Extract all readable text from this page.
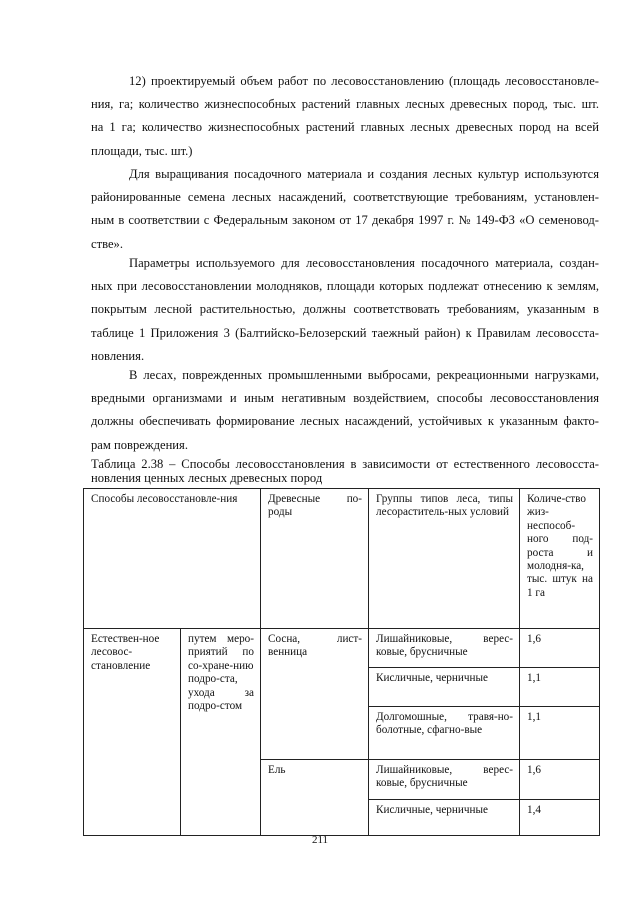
12) проектируемый объем работ по лесовосстановлению (площадь лесовосстановле-
ния, га; количество жизнеспособных растений главных лесных древесных пород, тыс. шт.
на 1 га; количество жизнеспособных растений главных лесных древесных пород на всей
площади, тыс. шт.)
Для выращивания посадочного материала и создания лесных культур используются
районированные семена лесных насаждений, соответствующие требованиям, установлен-
ным в соответствии с Федеральным законом от 17 декабря 1997 г. № 149-ФЗ «О семеновод-
стве».
Параметры используемого для лесовосстановления посадочного материала, создан-
ных при лесовосстановлении молодняков, площади которых подлежат отнесению к землям,
покрытым лесной растительностью, должны соответствовать требованиям, указанным в
таблице 1 Приложения 3 (Балтийско-Белозерский таежный район) к Правилам лесовосста-
новления.
В лесах, поврежденных промышленными выбросами, рекреационными нагрузками,
вредными организмами и иным негативным воздействием, способы лесовосстановления
должны обеспечивать формирование лесных насаждений, устойчивых к указанным факто-
рам повреждения.
Таблица 2.38 – Способы лесовосстановления в зависимости от естественного лесовосста-
новления ценных лесных древесных пород
Способы лесовосстановле-ния		Древесные по-роды	Группы типов леса, типы лесораститель-ных условий	Количе-ство жиз-неспособ-ного под-роста и молодня-ка, тыс. штук на 1 га
Естествен-ное лесовос-становление	путем меро-приятий по со-хране-нию подро-ста, ухода за подро-стом	Сосна, лист-венница	Лишайниковые, верес-ковые, брусничные	1,6
			Кисличные, черничные	1,1
			Долгомошные, травя-но-болотные, сфагно-вые	1,1
		Ель	Лишайниковые, верес-ковые, брусничные	1,6
			Кисличные, черничные	1,4
211
